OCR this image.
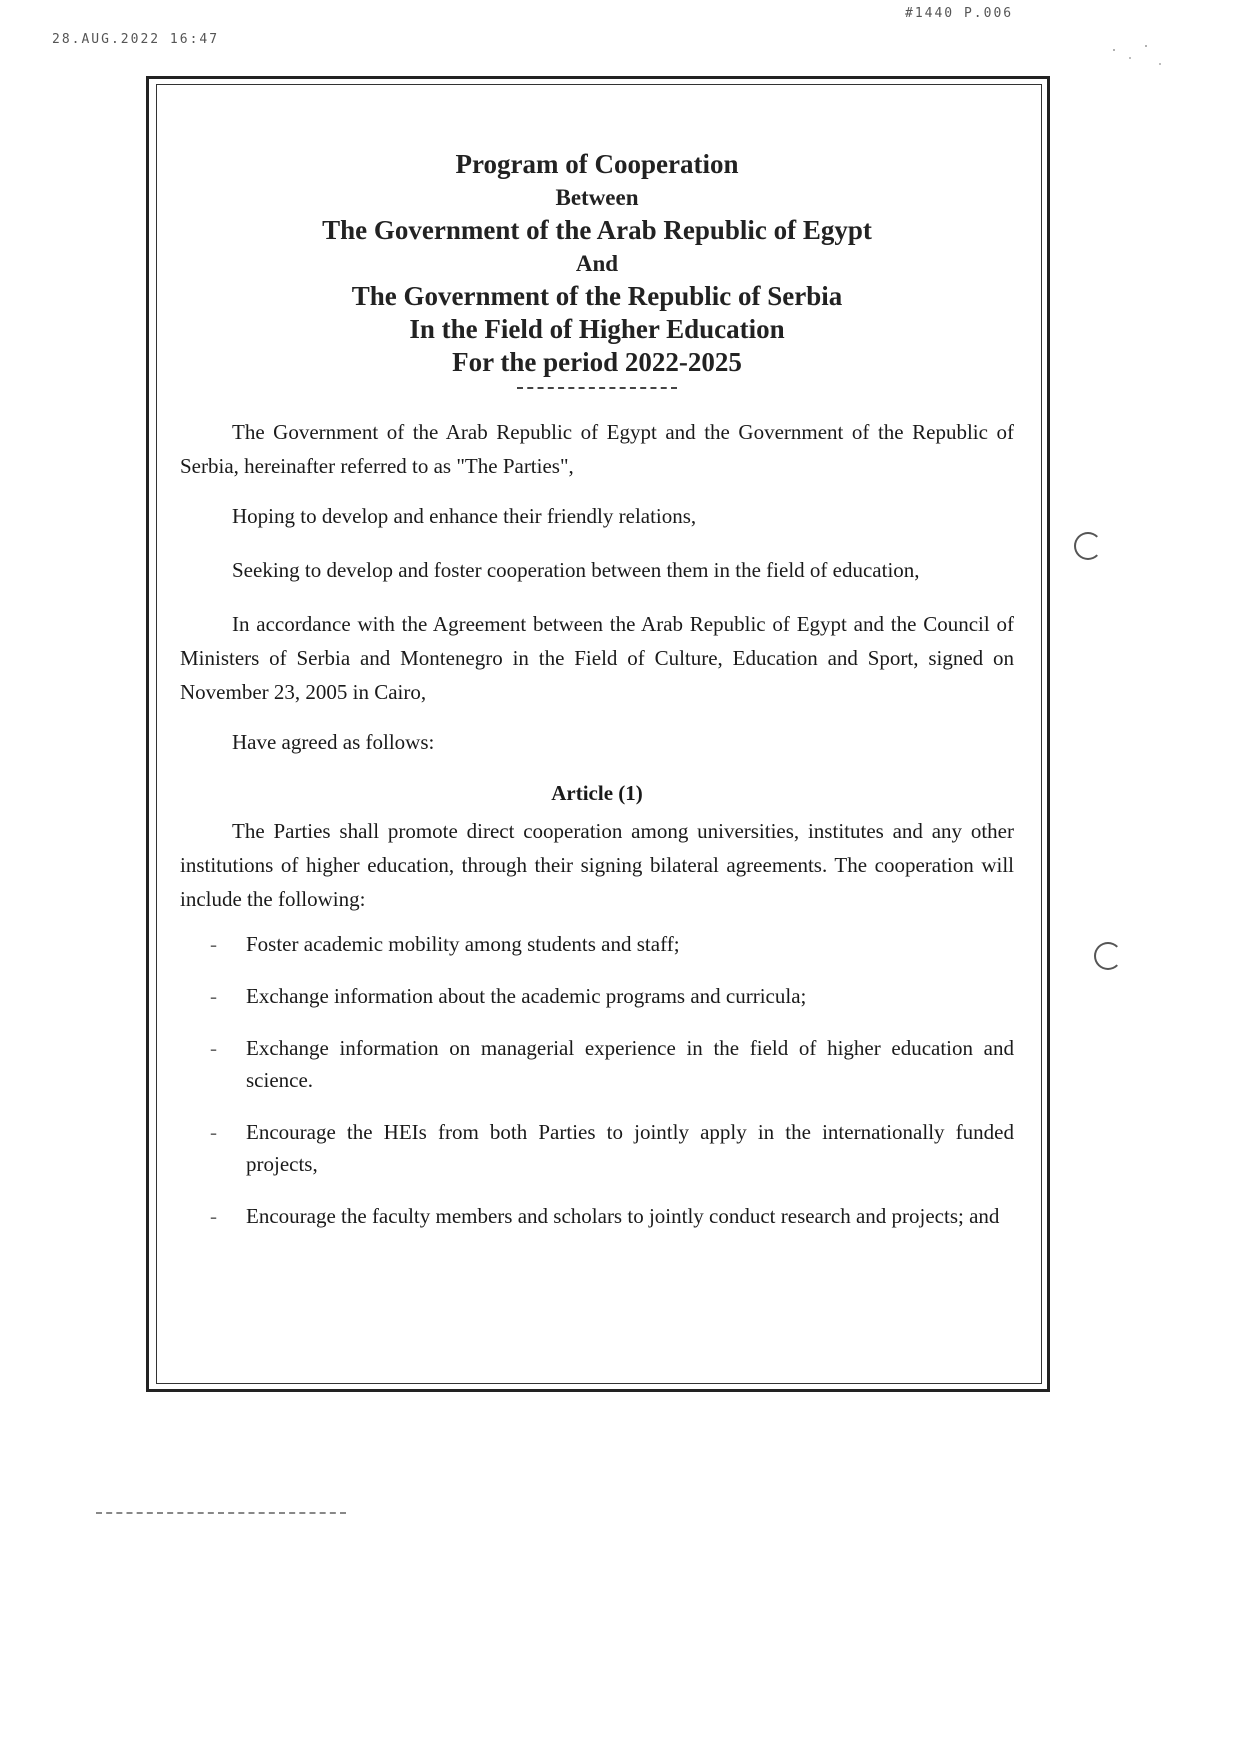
28.AUG.2022 16:47
#1440 P.006
Program of Cooperation
Between
The Government of the Arab Republic of Egypt
And
The Government of the Republic of Serbia
In the Field of Higher Education
For the period 2022-2025

The Government of the Arab Republic of Egypt and the Government of the Republic of Serbia, hereinafter referred to as "The Parties",

Hoping to develop and enhance their friendly relations,

Seeking to develop and foster cooperation between them in the field of education,

In accordance with the Agreement between the Arab Republic of Egypt and the Council of Ministers of Serbia and Montenegro in the Field of Culture, Education and Sport, signed on November 23, 2005 in Cairo,

Have agreed as follows:

Article (1)

The Parties shall promote direct cooperation among universities, institutes and any other institutions of higher education, through their signing bilateral agreements. The cooperation will include the following:

- Foster academic mobility among students and staff;
- Exchange information about the academic programs and curricula;
- Exchange information on managerial experience in the field of higher education and science.
- Encourage the HEIs from both Parties to jointly apply in the internationally funded projects,
- Encourage the faculty members and scholars to jointly conduct research and projects; and
